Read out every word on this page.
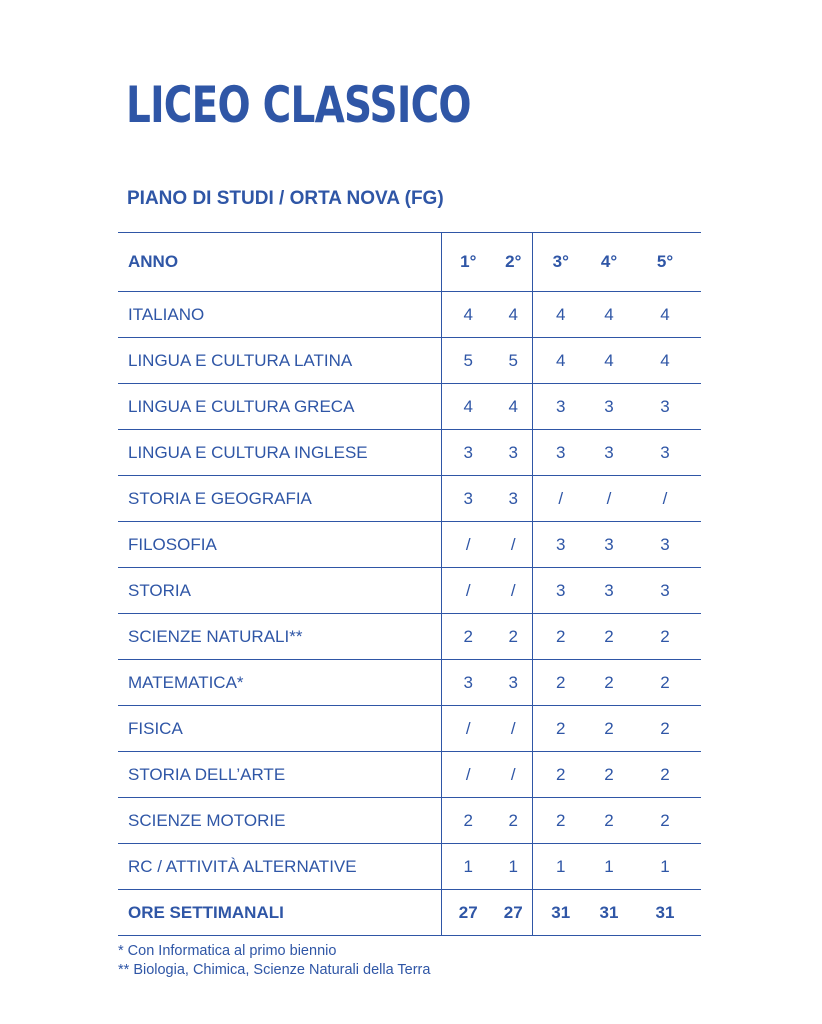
LICEO CLASSICO
PIANO DI STUDI / ORTA NOVA (FG)
ANNO	1°	2°	3°	4°	5°
ITALIANO	4	4	4	4	4
LINGUA E CULTURA LATINA	5	5	4	4	4
LINGUA E CULTURA GRECA	4	4	3	3	3
LINGUA E CULTURA INGLESE	3	3	3	3	3
STORIA E GEOGRAFIA	3	3	/	/	/
FILOSOFIA	/	/	3	3	3
STORIA	/	/	3	3	3
SCIENZE NATURALI**	2	2	2	2	2
MATEMATICA*	3	3	2	2	2
FISICA	/	/	2	2	2
STORIA DELL’ARTE	/	/	2	2	2
SCIENZE MOTORIE	2	2	2	2	2
RC / ATTIVITÀ ALTERNATIVE	1	1	1	1	1
ORE SETTIMANALI	27	27	31	31	31
* Con Informatica al primo biennio
** Biologia, Chimica, Scienze Naturali della Terra
